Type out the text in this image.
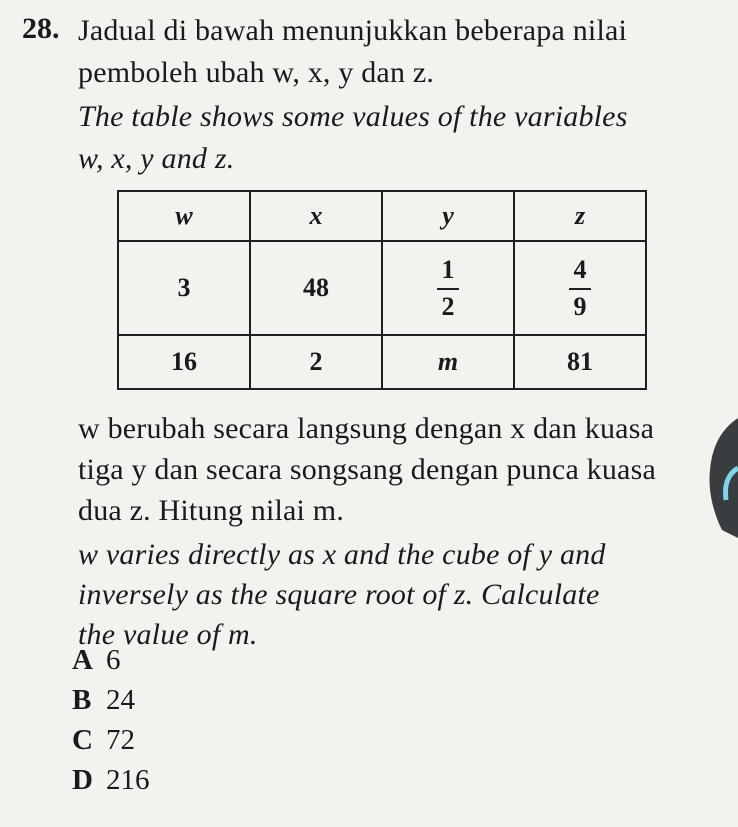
28. Jadual di bawah menunjukkan beberapa nilai
pemboleh ubah w, x, y dan z.
The table shows some values of the variables
w, x, y and z.
w	x	y	z
3	48	$\frac{1}{2}$	$\frac{4}{9}$

16	2	m	81
w berubah secara langsung dengan x dan kuasa
tiga y dan secara songsang dengan punca kuasa
dua z. Hitung nilai m.
w varies directly as x and the cube of y and
inversely as the square root of z. Calculate
the value of m.
A 6
B 24
C 72
D 216
